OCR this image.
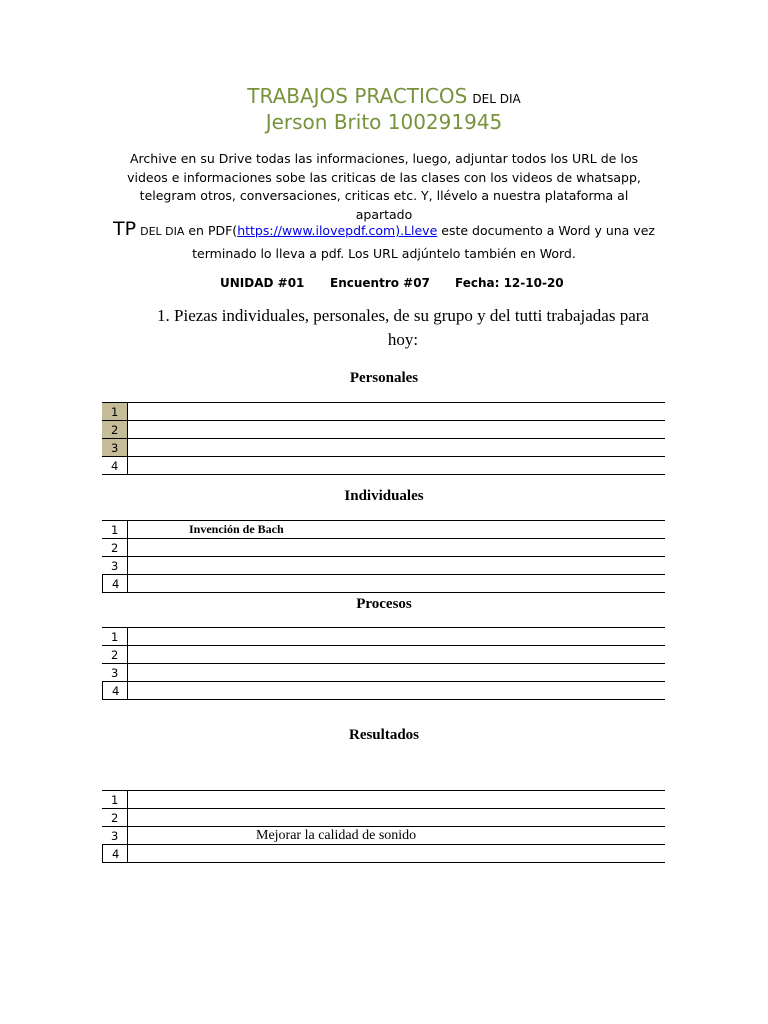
TRABAJOS PRACTICOS DEL DIA
Jerson Brito 100291945
Archive en su Drive todas las informaciones, luego, adjuntar todos los URL de los videos e informaciones sobe las criticas de las clases con los videos de whatsapp, telegram otros, conversaciones, criticas etc. Y, llévelo a nuestra plataforma al apartado
TP DEL DIA en PDF(https://www.ilovepdf.com).Lleve este documento a Word y una vez terminado lo lleva a pdf. Los URL adjúntelo también en Word.
UNIDAD #01 Encuentro #07 Fecha: 12-10-20
1. Piezas individuales, personales, de su grupo y del tutti trabajadas para hoy:
Personales
1
2
3
4
Individuales
1	Invención de Bach
2
3
4
Procesos
1
2
3
4
Resultados
1
2
3
4
Mejorar la calidad de sonido
